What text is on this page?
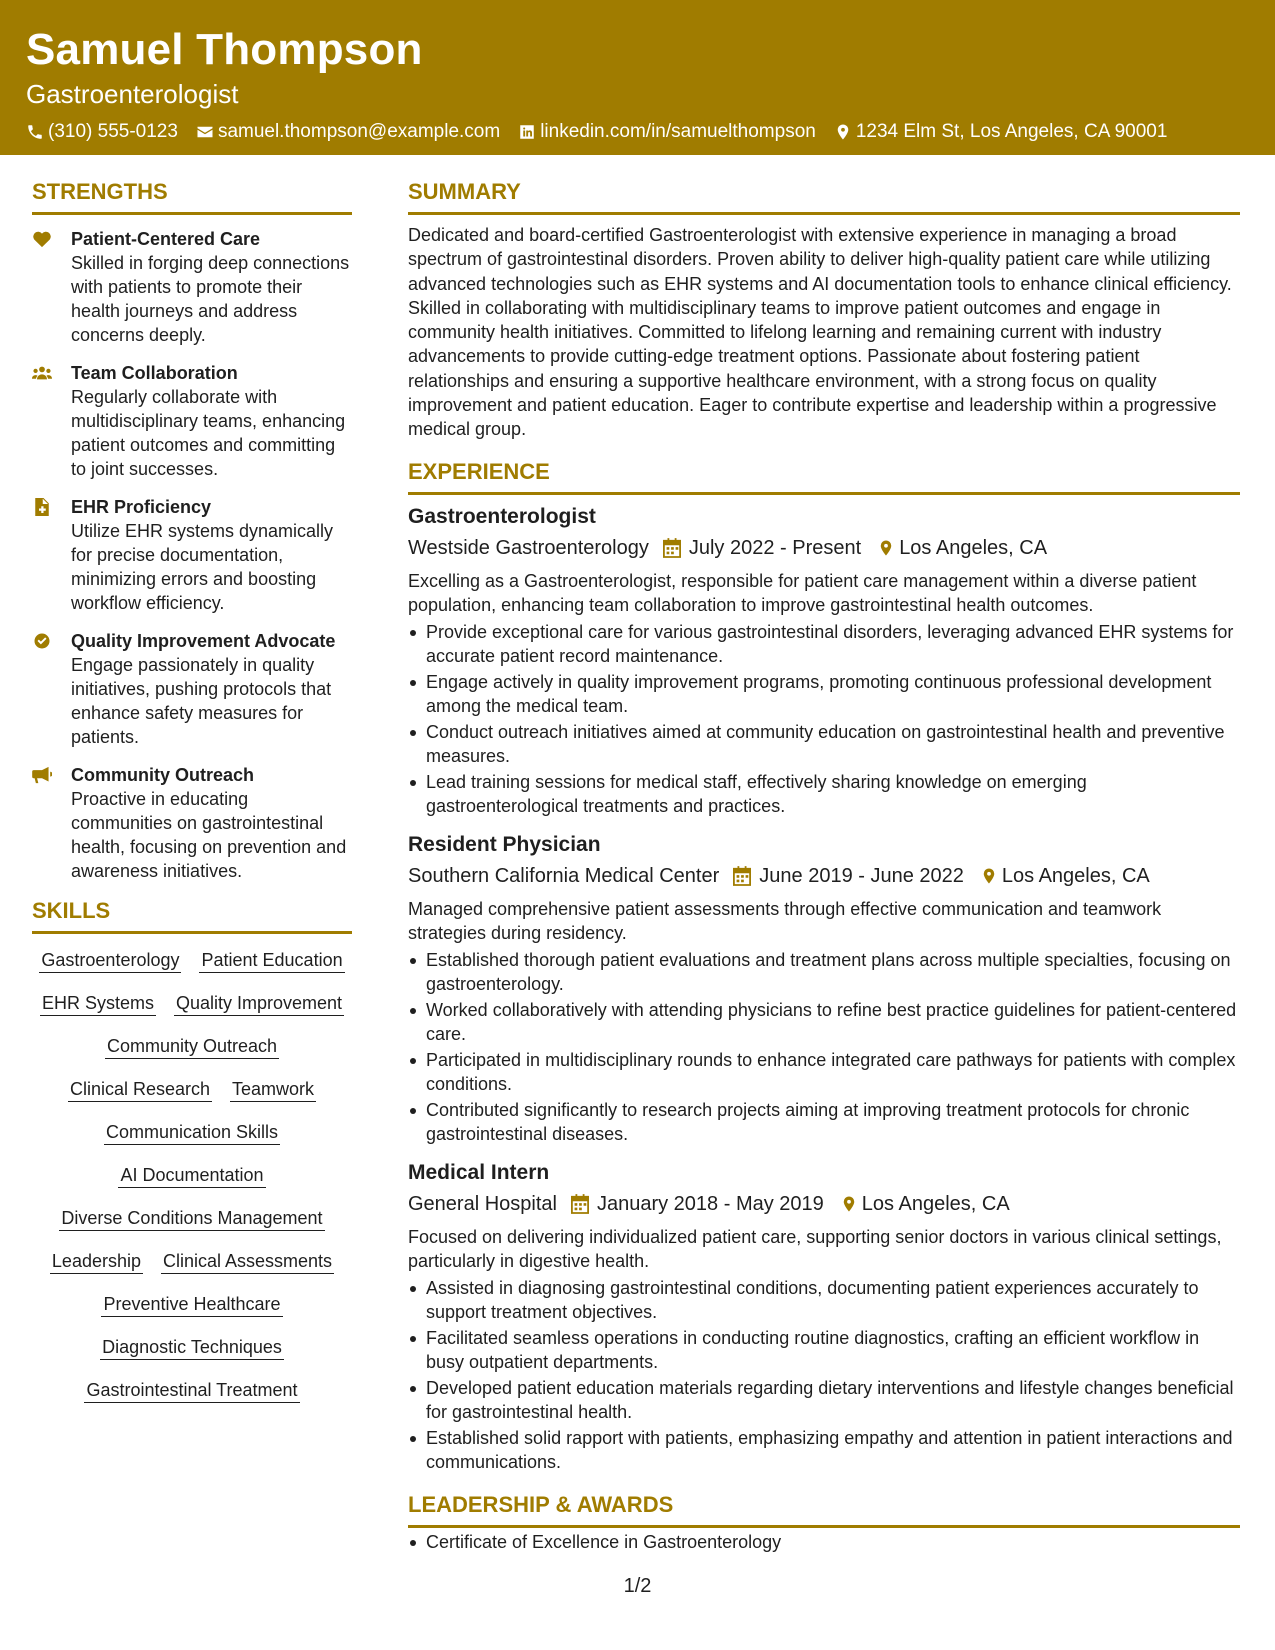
Samuel Thompson
Gastroenterologist
(310) 555-0123 samuel.thompson@example.com linkedin.com/in/samuelthompson 1234 Elm St, Los Angeles, CA 90001
STRENGTHS
Patient-Centered Care
Skilled in forging deep connections with patients to promote their health journeys and address concerns deeply.
Team Collaboration
Regularly collaborate with multidisciplinary teams, enhancing patient outcomes and committing to joint successes.
EHR Proficiency
Utilize EHR systems dynamically for precise documentation, minimizing errors and boosting workflow efficiency.
Quality Improvement Advocate
Engage passionately in quality initiatives, pushing protocols that enhance safety measures for patients.
Community Outreach
Proactive in educating communities on gastrointestinal health, focusing on prevention and awareness initiatives.
SKILLS
Gastroenterology Patient Education
EHR Systems Quality Improvement
Community Outreach
Clinical Research Teamwork
Communication Skills
AI Documentation
Diverse Conditions Management
Leadership Clinical Assessments
Preventive Healthcare
Diagnostic Techniques
Gastrointestinal Treatment
SUMMARY

Dedicated and board-certified Gastroenterologist with extensive experience in managing a broad spectrum of gastrointestinal disorders. Proven ability to deliver high-quality patient care while utilizing advanced technologies such as EHR systems and AI documentation tools to enhance clinical efficiency. Skilled in collaborating with multidisciplinary teams to improve patient outcomes and engage in community health initiatives. Committed to lifelong learning and remaining current with industry advancements to provide cutting-edge treatment options. Passionate about fostering patient relationships and ensuring a supportive healthcare environment, with a strong focus on quality improvement and patient education. Eager to contribute expertise and leadership within a progressive medical group.

EXPERIENCE
Gastroenterologist
Westside Gastroenterology July 2022 - Present Los Angeles, CA
Excelling as a Gastroenterologist, responsible for patient care management within a diverse patient population, enhancing team collaboration to improve gastrointestinal health outcomes.
Provide exceptional care for various gastrointestinal disorders, leveraging advanced EHR systems for accurate patient record maintenance.
Engage actively in quality improvement programs, promoting continuous professional development among the medical team.
Conduct outreach initiatives aimed at community education on gastrointestinal health and preventive measures.
Lead training sessions for medical staff, effectively sharing knowledge on emerging gastroenterological treatments and practices.
Resident Physician
Southern California Medical Center June 2019 - June 2022 Los Angeles, CA
Managed comprehensive patient assessments through effective communication and teamwork strategies during residency.
Established thorough patient evaluations and treatment plans across multiple specialties, focusing on gastroenterology.
Worked collaboratively with attending physicians to refine best practice guidelines for patient-centered care.
Participated in multidisciplinary rounds to enhance integrated care pathways for patients with complex conditions.
Contributed significantly to research projects aiming at improving treatment protocols for chronic gastrointestinal diseases.
Medical Intern
General Hospital January 2018 - May 2019 Los Angeles, CA
Focused on delivering individualized patient care, supporting senior doctors in various clinical settings, particularly in digestive health.
Assisted in diagnosing gastrointestinal conditions, documenting patient experiences accurately to support treatment objectives.
Facilitated seamless operations in conducting routine diagnostics, crafting an efficient workflow in busy outpatient departments.
Developed patient education materials regarding dietary interventions and lifestyle changes beneficial for gastrointestinal health.
Established solid rapport with patients, emphasizing empathy and attention in patient interactions and communications.
LEADERSHIP & AWARDS
Certificate of Excellence in Gastroenterology
1/2
